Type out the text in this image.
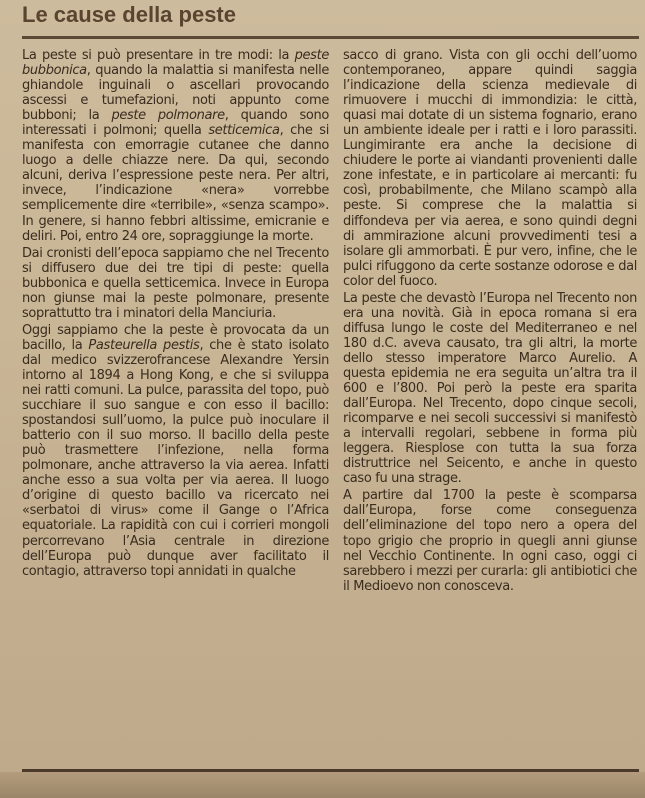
Le cause della peste

La peste si può presentare in tre modi: la peste bubbonica, quando la malattia si manifesta nelle ghiandole inguinali o ascellari provocando ascessi e tumefazioni, noti appunto come bubboni; la peste polmonare, quando sono interessati i polmoni; quella setticemica, che si manifesta con emorragie cutanee che danno luogo a delle chiazze nere. Da qui, secondo alcuni, deriva l’espressione peste nera. Per altri, invece, l’indicazione «nera» vorrebbe semplicemente dire «terribile», «senza scampo». In genere, si hanno febbri altissime, emicranie e deliri. Poi, entro 24 ore, sopraggiunge la morte.

Dai cronisti dell’epoca sappiamo che nel Trecento si diffusero due dei tre tipi di peste: quella bubbonica e quella setticemica. Invece in Europa non giunse mai la peste polmonare, presente soprattutto tra i minatori della Manciuria.

Oggi sappiamo che la peste è provocata da un bacillo, la Pasteurella pestis, che è stato isolato dal medico svizzerofrancese Alexandre Yersin intorno al 1894 a Hong Kong, e che si sviluppa nei ratti comuni. La pulce, parassita del topo, può succhiare il suo sangue e con esso il bacillo: spostandosi sull’uomo, la pulce può inoculare il batterio con il suo morso. Il bacillo della peste può trasmettere l’infezione, nella forma polmonare, anche attraverso la via aerea. Infatti anche esso a sua volta per via aerea. Il luogo d’origine di questo bacillo va ricercato nei «serbatoi di virus» come il Gange o l’Africa equatoriale. La rapidità con cui i corrieri mongoli percorrevano l’Asia centrale in direzione dell’Europa può dunque aver facilitato il contagio, attraverso topi annidati in qualche

sacco di grano. Vista con gli occhi dell’uomo contemporaneo, appare quindi saggia l’indicazione della scienza medievale di rimuovere i mucchi di immondizia: le città, quasi mai dotate di un sistema fognario, erano un ambiente ideale per i ratti e i loro parassiti. Lungimirante era anche la decisione di chiudere le porte ai viandanti provenienti dalle zone infestate, e in particolare ai mercanti: fu così, probabilmente, che Milano scampò alla peste. Si comprese che la malattia si diffondeva per via aerea, e sono quindi degni di ammirazione alcuni provvedimenti tesi a isolare gli ammorbati. È pur vero, infine, che le pulci rifuggono da certe sostanze odorose e dal color del fuoco.

La peste che devastò l’Europa nel Trecento non era una novità. Già in epoca romana si era diffusa lungo le coste del Mediterraneo e nel 180 d.C. aveva causato, tra gli altri, la morte dello stesso imperatore Marco Aurelio. A questa epidemia ne era seguita un’altra tra il 600 e l’800. Poi però la peste era sparita dall’Europa. Nel Trecento, dopo cinque secoli, ricomparve e nei secoli successivi si manifestò a intervalli regolari, sebbene in forma più leggera. Riesplose con tutta la sua forza distruttrice nel Seicento, e anche in questo caso fu una strage.

A partire dal 1700 la peste è scomparsa dall’Europa, forse come conseguenza dell’eliminazione del topo nero a opera del topo grigio che proprio in quegli anni giunse nel Vecchio Continente. In ogni caso, oggi ci sarebbero i mezzi per curarla: gli antibiotici che il Medioevo non conosceva.
